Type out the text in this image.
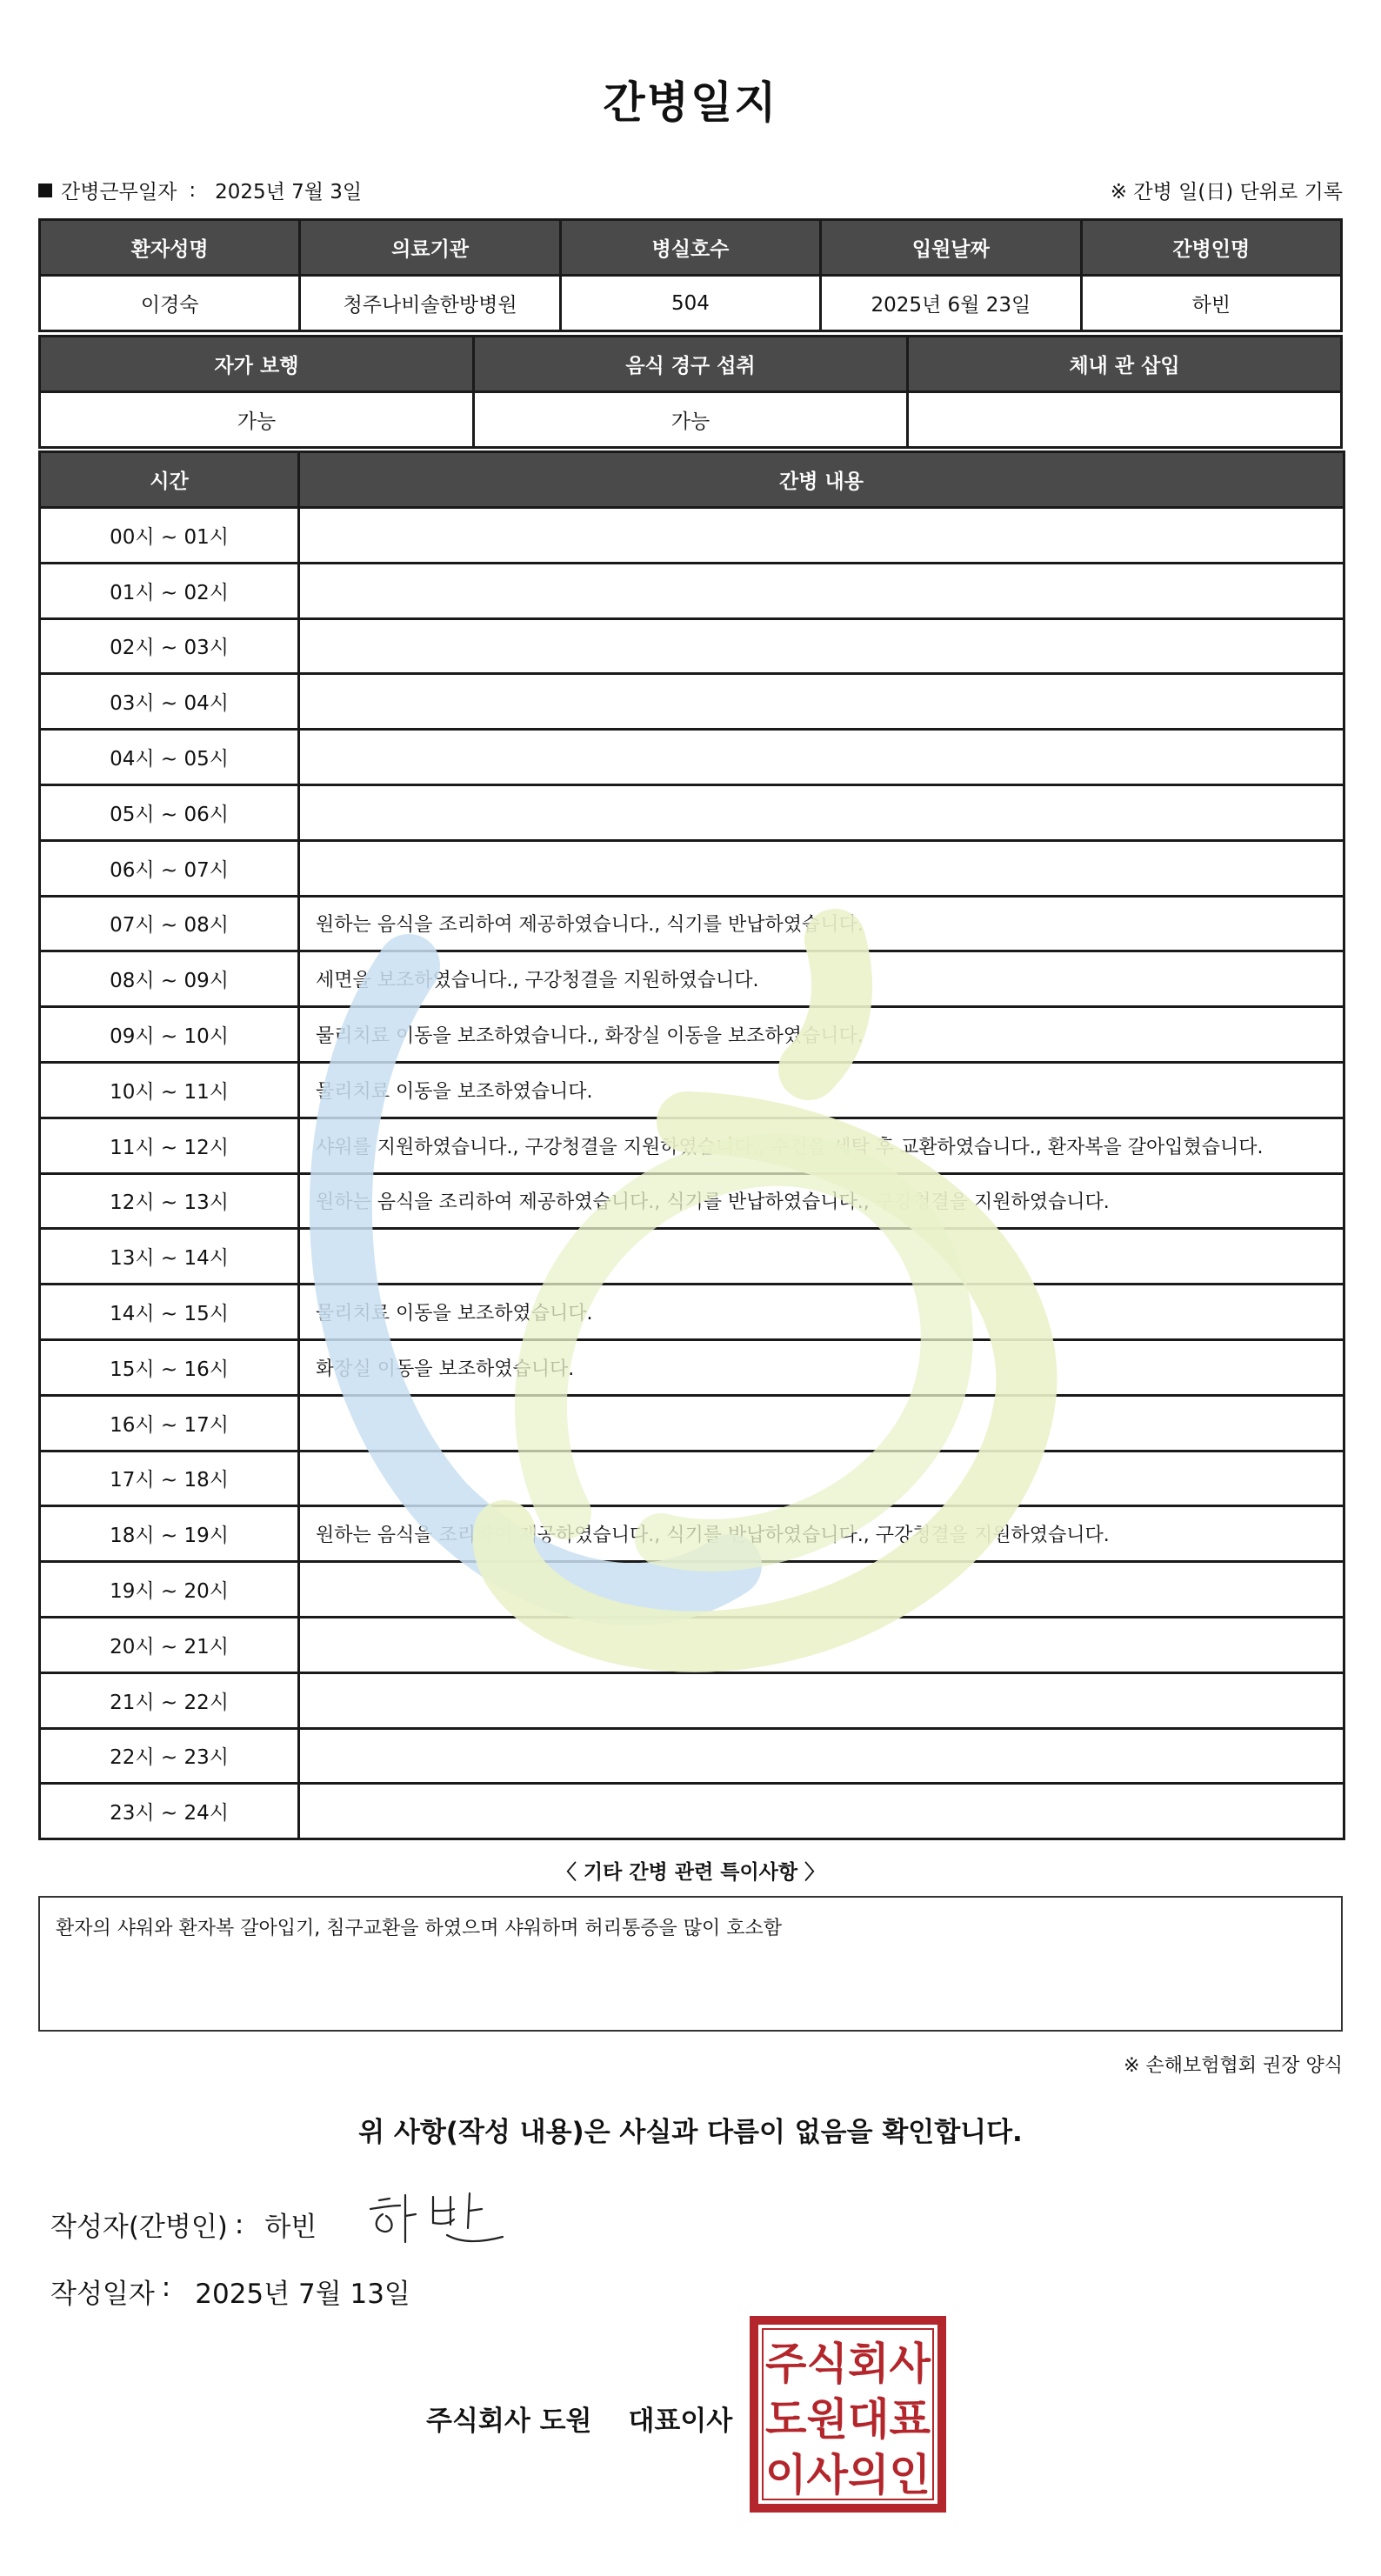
간병일지
간병근무일자 : 2025년 7월 3일	※ 간병 일(日) 단위로 기록
환자성명	의료기관	병실호수	입원날짜	간병인명
이경숙	청주나비솔한방병원	504	2025년 6월 23일	하빈
자가 보행	음식 경구 섭취	체내 관 삽입
가능	가능	
시간	간병 내용
00시 ~ 01시	
01시 ~ 02시	
02시 ~ 03시	
03시 ~ 04시	
04시 ~ 05시	
05시 ~ 06시	
06시 ~ 07시	
07시 ~ 08시	원하는 음식을 조리하여 제공하였습니다., 식기를 반납하였습니다.
08시 ~ 09시	세면을 보조하였습니다., 구강청결을 지원하였습니다.
09시 ~ 10시	물리치료 이동을 보조하였습니다., 화장실 이동을 보조하였습니다.
10시 ~ 11시	물리치료 이동을 보조하였습니다.
11시 ~ 12시	샤워를 지원하였습니다., 구강청결을 지원하였습니다., 수건을 세탁 후 교환하였습니다., 환자복을 갈아입혔습니다.
12시 ~ 13시	원하는 음식을 조리하여 제공하였습니다., 식기를 반납하였습니다., 구강청결을 지원하였습니다.
13시 ~ 14시	
14시 ~ 15시	물리치료 이동을 보조하였습니다.
15시 ~ 16시	화장실 이동을 보조하였습니다.
16시 ~ 17시	
17시 ~ 18시	
18시 ~ 19시	원하는 음식을 조리하여 제공하였습니다., 식기를 반납하였습니다., 구강청결을 지원하였습니다.
19시 ~ 20시	
20시 ~ 21시	
21시 ~ 22시	
22시 ~ 23시	
23시 ~ 24시	
〈 기타 간병 관련 특이사항 〉
환자의 샤워와 환자복 갈아입기, 침구교환을 하였으며 샤워하며 허리통증을 많이 호소함
※ 손해보험협회 권장 양식
위 사항(작성 내용)은 사실과 다름이 없음을 확인합니다.
작성자(간병인) : 하빈
작성일자 : 2025년 7월 13일
주식회사 도원 대표이사
주식회사
도원대표
이사의인
